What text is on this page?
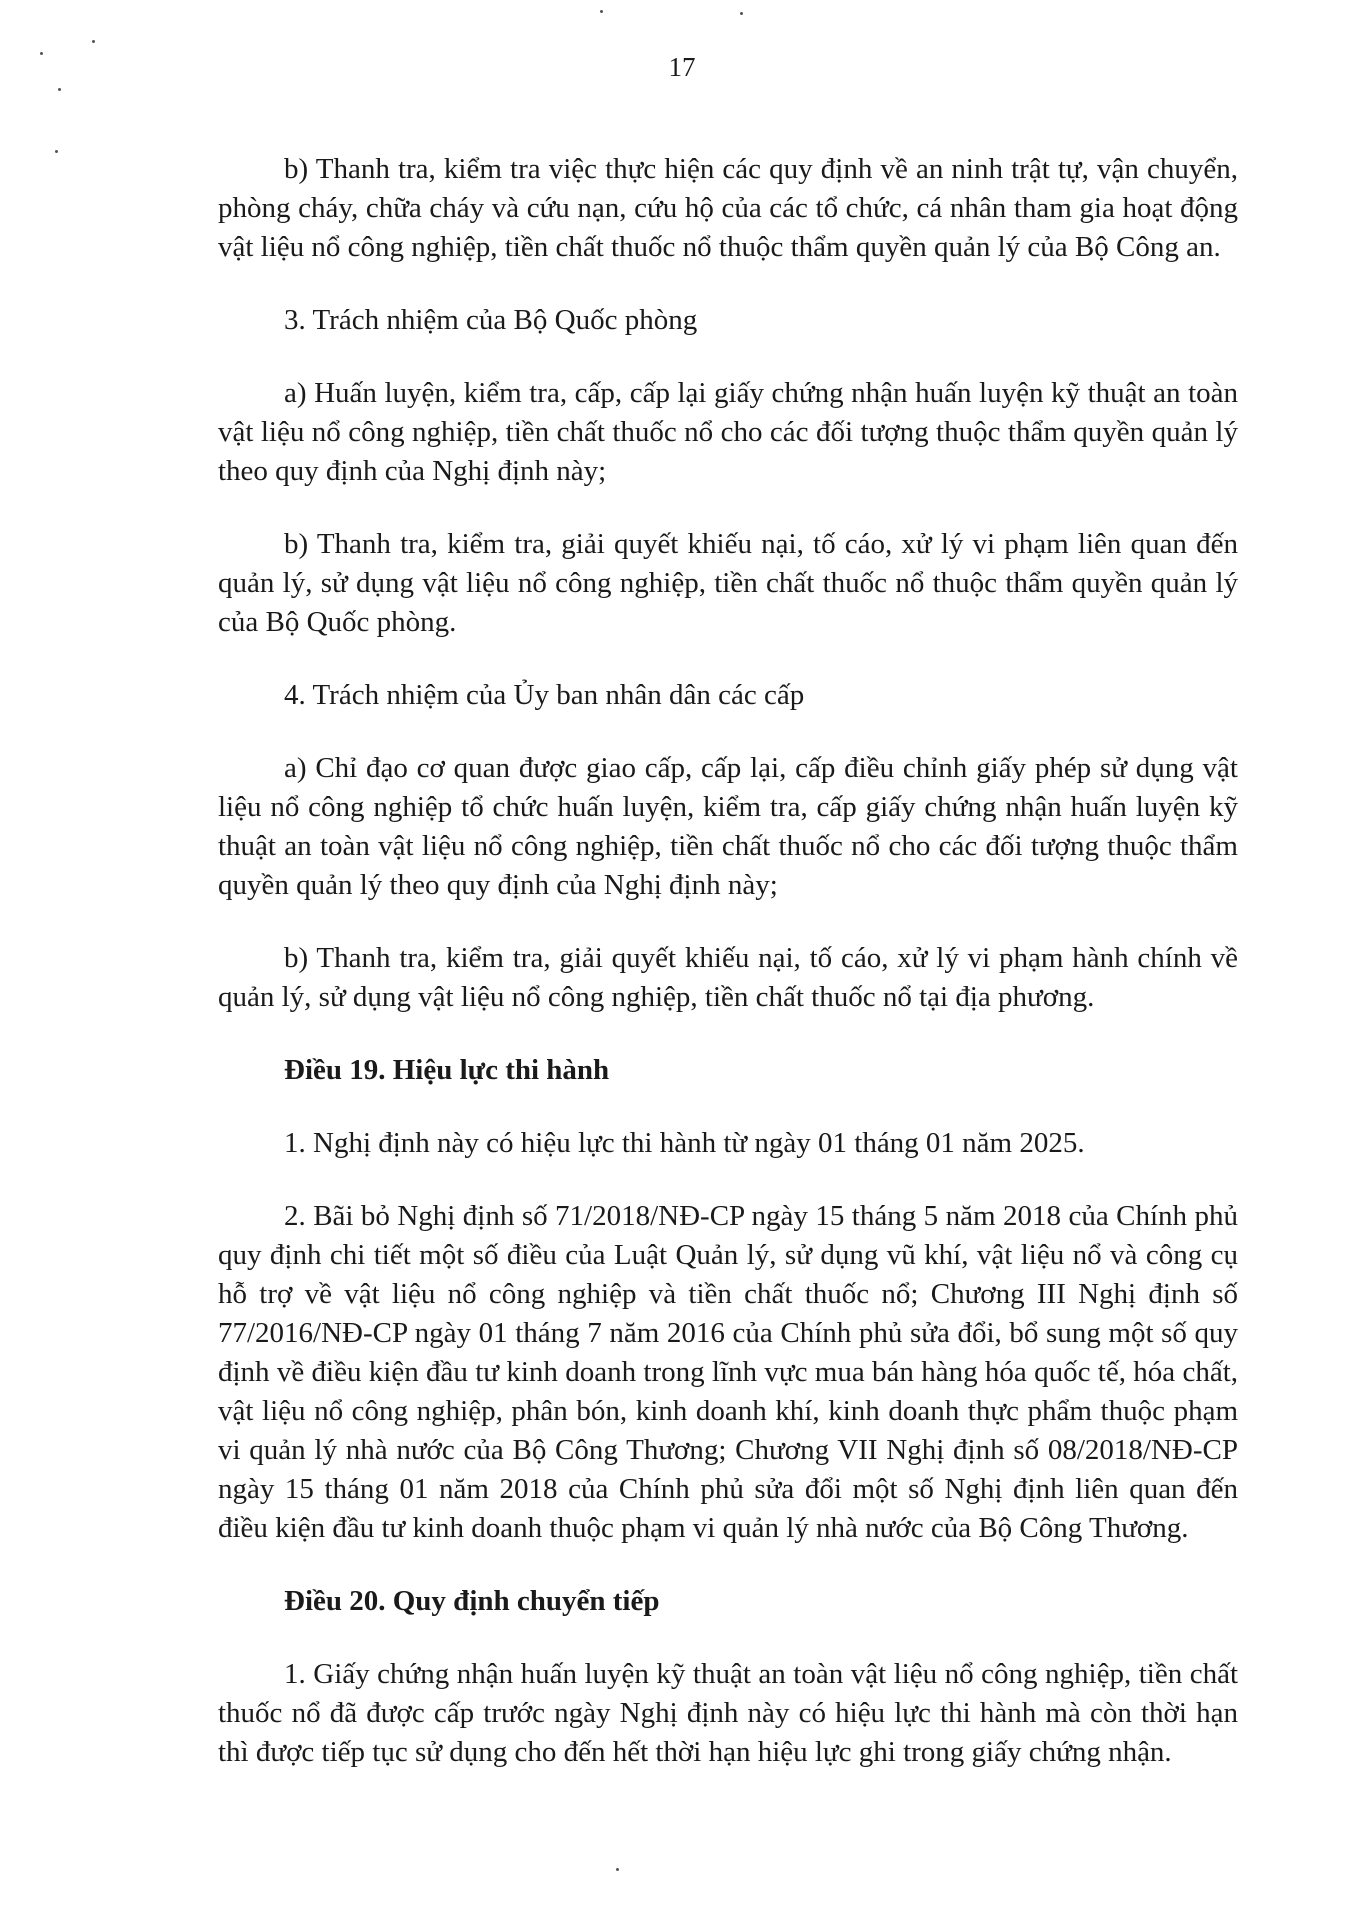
17

b) Thanh tra, kiểm tra việc thực hiện các quy định về an ninh trật tự, vận chuyển, phòng cháy, chữa cháy và cứu nạn, cứu hộ của các tổ chức, cá nhân tham gia hoạt động vật liệu nổ công nghiệp, tiền chất thuốc nổ thuộc thẩm quyền quản lý của Bộ Công an.

3. Trách nhiệm của Bộ Quốc phòng

a) Huấn luyện, kiểm tra, cấp, cấp lại giấy chứng nhận huấn luyện kỹ thuật an toàn vật liệu nổ công nghiệp, tiền chất thuốc nổ cho các đối tượng thuộc thẩm quyền quản lý theo quy định của Nghị định này;

b) Thanh tra, kiểm tra, giải quyết khiếu nại, tố cáo, xử lý vi phạm liên quan đến quản lý, sử dụng vật liệu nổ công nghiệp, tiền chất thuốc nổ thuộc thẩm quyền quản lý của Bộ Quốc phòng.

4. Trách nhiệm của Ủy ban nhân dân các cấp

a) Chỉ đạo cơ quan được giao cấp, cấp lại, cấp điều chỉnh giấy phép sử dụng vật liệu nổ công nghiệp tổ chức huấn luyện, kiểm tra, cấp giấy chứng nhận huấn luyện kỹ thuật an toàn vật liệu nổ công nghiệp, tiền chất thuốc nổ cho các đối tượng thuộc thẩm quyền quản lý theo quy định của Nghị định này;

b) Thanh tra, kiểm tra, giải quyết khiếu nại, tố cáo, xử lý vi phạm hành chính về quản lý, sử dụng vật liệu nổ công nghiệp, tiền chất thuốc nổ tại địa phương.

Điều 19. Hiệu lực thi hành

1. Nghị định này có hiệu lực thi hành từ ngày 01 tháng 01 năm 2025.

2. Bãi bỏ Nghị định số 71/2018/NĐ-CP ngày 15 tháng 5 năm 2018 của Chính phủ quy định chi tiết một số điều của Luật Quản lý, sử dụng vũ khí, vật liệu nổ và công cụ hỗ trợ về vật liệu nổ công nghiệp và tiền chất thuốc nổ; Chương III Nghị định số 77/2016/NĐ-CP ngày 01 tháng 7 năm 2016 của Chính phủ sửa đổi, bổ sung một số quy định về điều kiện đầu tư kinh doanh trong lĩnh vực mua bán hàng hóa quốc tế, hóa chất, vật liệu nổ công nghiệp, phân bón, kinh doanh khí, kinh doanh thực phẩm thuộc phạm vi quản lý nhà nước của Bộ Công Thương; Chương VII Nghị định số 08/2018/NĐ-CP ngày 15 tháng 01 năm 2018 của Chính phủ sửa đổi một số Nghị định liên quan đến điều kiện đầu tư kinh doanh thuộc phạm vi quản lý nhà nước của Bộ Công Thương.

Điều 20. Quy định chuyển tiếp

1. Giấy chứng nhận huấn luyện kỹ thuật an toàn vật liệu nổ công nghiệp, tiền chất thuốc nổ đã được cấp trước ngày Nghị định này có hiệu lực thi hành mà còn thời hạn thì được tiếp tục sử dụng cho đến hết thời hạn hiệu lực ghi trong giấy chứng nhận.
